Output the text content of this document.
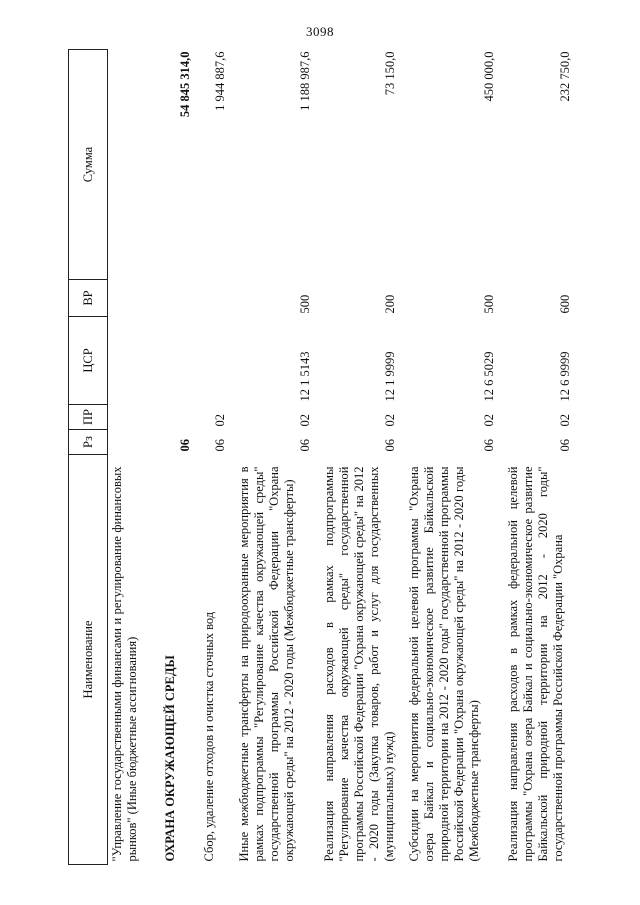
3098
Наименование	Рз	ПР	ЦСР	ВР	Сумма
"Управление государственными финансами и регулирование финансовых рынков" (Иные бюджетные ассигнования)					
ОХРАНА ОКРУЖАЮЩЕЙ СРЕДЫ	06				54 845 314,0
Сбор, удаление отходов и очистка сточных вод	06	02			1 944 887,6
Иные межбюджетные трансферты на природоохранные мероприятия в рамках подпрограммы "Регулирование качества окружающей среды" государственной программы Российской Федерации "Охрана окружающей среды" на 2012 - 2020 годы (Межбюджетные трансферты)	06	02	12 1 5143	500	1 188 987,6
Реализация направления расходов в рамках подпрограммы "Регулирование качества окружающей среды" государственной программы Российской Федерации "Охрана окружающей среды" на 2012 - 2020 годы (Закупка товаров, работ и услуг для государственных (муниципальных) нужд)	06	02	12 1 9999	200	73 150,0
Субсидии на мероприятия федеральной целевой программы "Охрана озера Байкал и социально-экономическое развитие Байкальской природной территории на 2012 - 2020 годы" государственной программы Российской Федерации "Охрана окружающей среды" на 2012 - 2020 годы (Межбюджетные трансферты)	06	02	12 6 5029	500	450 000,0
Реализация направления расходов в рамках федеральной целевой программы "Охрана озера Байкал и социально-экономическое развитие Байкальской природной территории на 2012 - 2020 годы" государственной программы Российской Федерации "Охрана	06	02	12 6 9999	600	232 750,0
